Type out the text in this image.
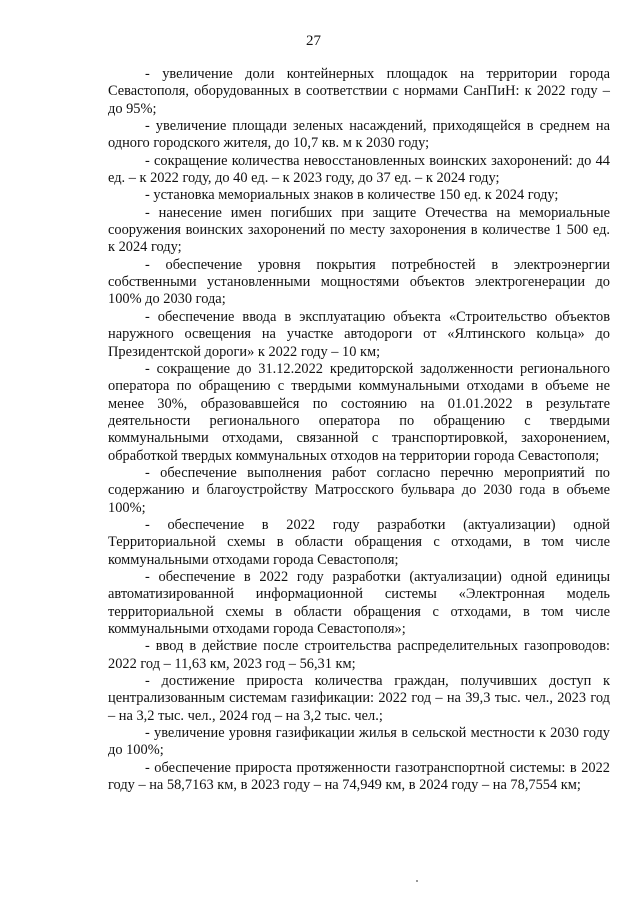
27

- увеличение доли контейнерных площадок на территории города Севастополя, оборудованных в соответствии с нормами СанПиН: к 2022 году – до 95%;

- увеличение площади зеленых насаждений, приходящейся в среднем на одного городского жителя, до 10,7 кв. м к 2030 году;

- сокращение количества невосстановленных воинских захоронений: до 44 ед. – к 2022 году, до 40 ед. – к 2023 году, до 37 ед. – к 2024 году;

- установка мемориальных знаков в количестве 150 ед. к 2024 году;

- нанесение имен погибших при защите Отечества на мемориальные сооружения воинских захоронений по месту захоронения в количестве 1 500 ед. к 2024 году;

- обеспечение уровня покрытия потребностей в электроэнергии собственными установленными мощностями объектов электрогенерации до 100% до 2030 года;

- обеспечение ввода в эксплуатацию объекта «Строительство объектов наружного освещения на участке автодороги от «Ялтинского кольца» до Президентской дороги» к 2022 году – 10 км;

- сокращение до 31.12.2022 кредиторской задолженности регионального оператора по обращению с твердыми коммунальными отходами в объеме не менее 30%, образовавшейся по состоянию на 01.01.2022 в результате деятельности регионального оператора по обращению с твердыми коммунальными отходами, связанной с транспортировкой, захоронением, обработкой твердых коммунальных отходов на территории города Севастополя;

- обеспечение выполнения работ согласно перечню мероприятий по содержанию и благоустройству Матросского бульвара до 2030 года в объеме 100%;

- обеспечение в 2022 году разработки (актуализации) одной Территориальной схемы в области обращения с отходами, в том числе коммунальными отходами города Севастополя;

- обеспечение в 2022 году разработки (актуализации) одной единицы автоматизированной информационной системы «Электронная модель территориальной схемы в области обращения с отходами, в том числе коммунальными отходами города Севастополя»;

- ввод в действие после строительства распределительных газопроводов: 2022 год – 11,63 км, 2023 год – 56,31 км;

- достижение прироста количества граждан, получивших доступ к централизованным системам газификации: 2022 год – на 39,3 тыс. чел., 2023 год – на 3,2 тыс. чел., 2024 год – на 3,2 тыс. чел.;

- увеличение уровня газификации жилья в сельской местности к 2030 году до 100%;

- обеспечение прироста протяженности газотранспортной системы: в 2022 году – на 58,7163 км, в 2023 году – на 74,949 км, в 2024 году – на 78,7554 км;
